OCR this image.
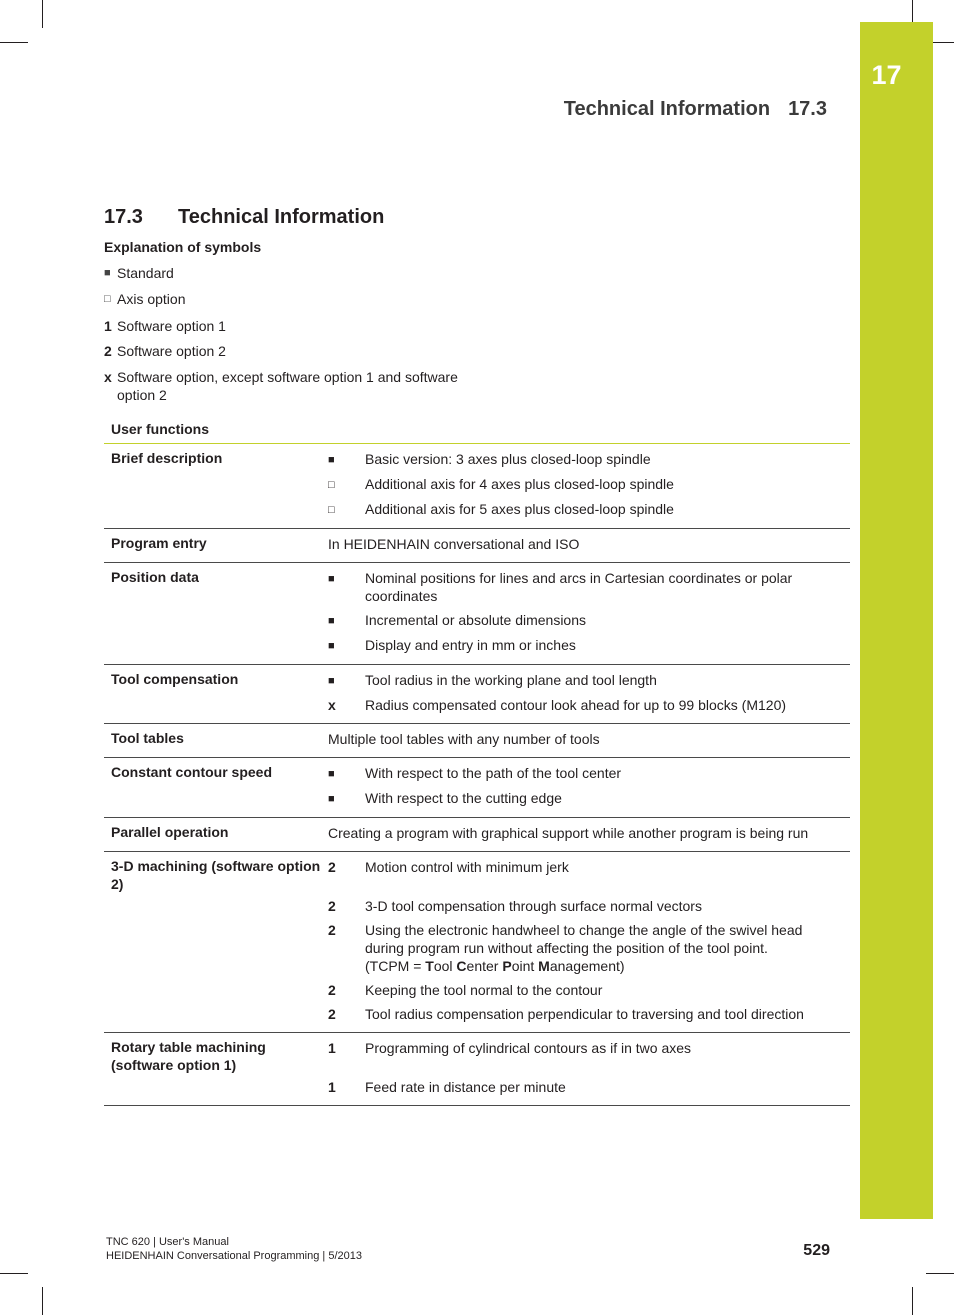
17
Technical Information 17.3
17.3 Technical Information
Explanation of symbols
■ Standard
□ Axis option
1 Software option 1
2 Software option 2
x Software option, except software option 1 and software option 2
User functions
Brief description	■	Basic version: 3 axes plus closed-loop spindle
□	Additional axis for 4 axes plus closed-loop spindle
□	Additional axis for 5 axes plus closed-loop spindle
Program entry	In HEIDENHAIN conversational and ISO
Position data	■	Nominal positions for lines and arcs in Cartesian coordinates or polar coordinates
■	Incremental or absolute dimensions
■	Display and entry in mm or inches
Tool compensation	■	Tool radius in the working plane and tool length
x	Radius compensated contour look ahead for up to 99 blocks (M120)
Tool tables	Multiple tool tables with any number of tools
Constant contour speed	■	With respect to the path of the tool center
■	With respect to the cutting edge
Parallel operation	Creating a program with graphical support while another program is being run
3-D machining (software option 2)
2	Motion control with minimum jerk
2	3-D tool compensation through surface normal vectors
2	Using the electronic handwheel to change the angle of the swivel head during program run without affecting the position of the tool point.
(TCPM = Tool Center Point Management)
2	Keeping the tool normal to the contour
2	Tool radius compensation perpendicular to traversing and tool direction
Rotary table machining (software option 1)
1	Programming of cylindrical contours as if in two axes
1	Feed rate in distance per minute
TNC 620 | User's Manual
HEIDENHAIN Conversational Programming | 5/2013	529
